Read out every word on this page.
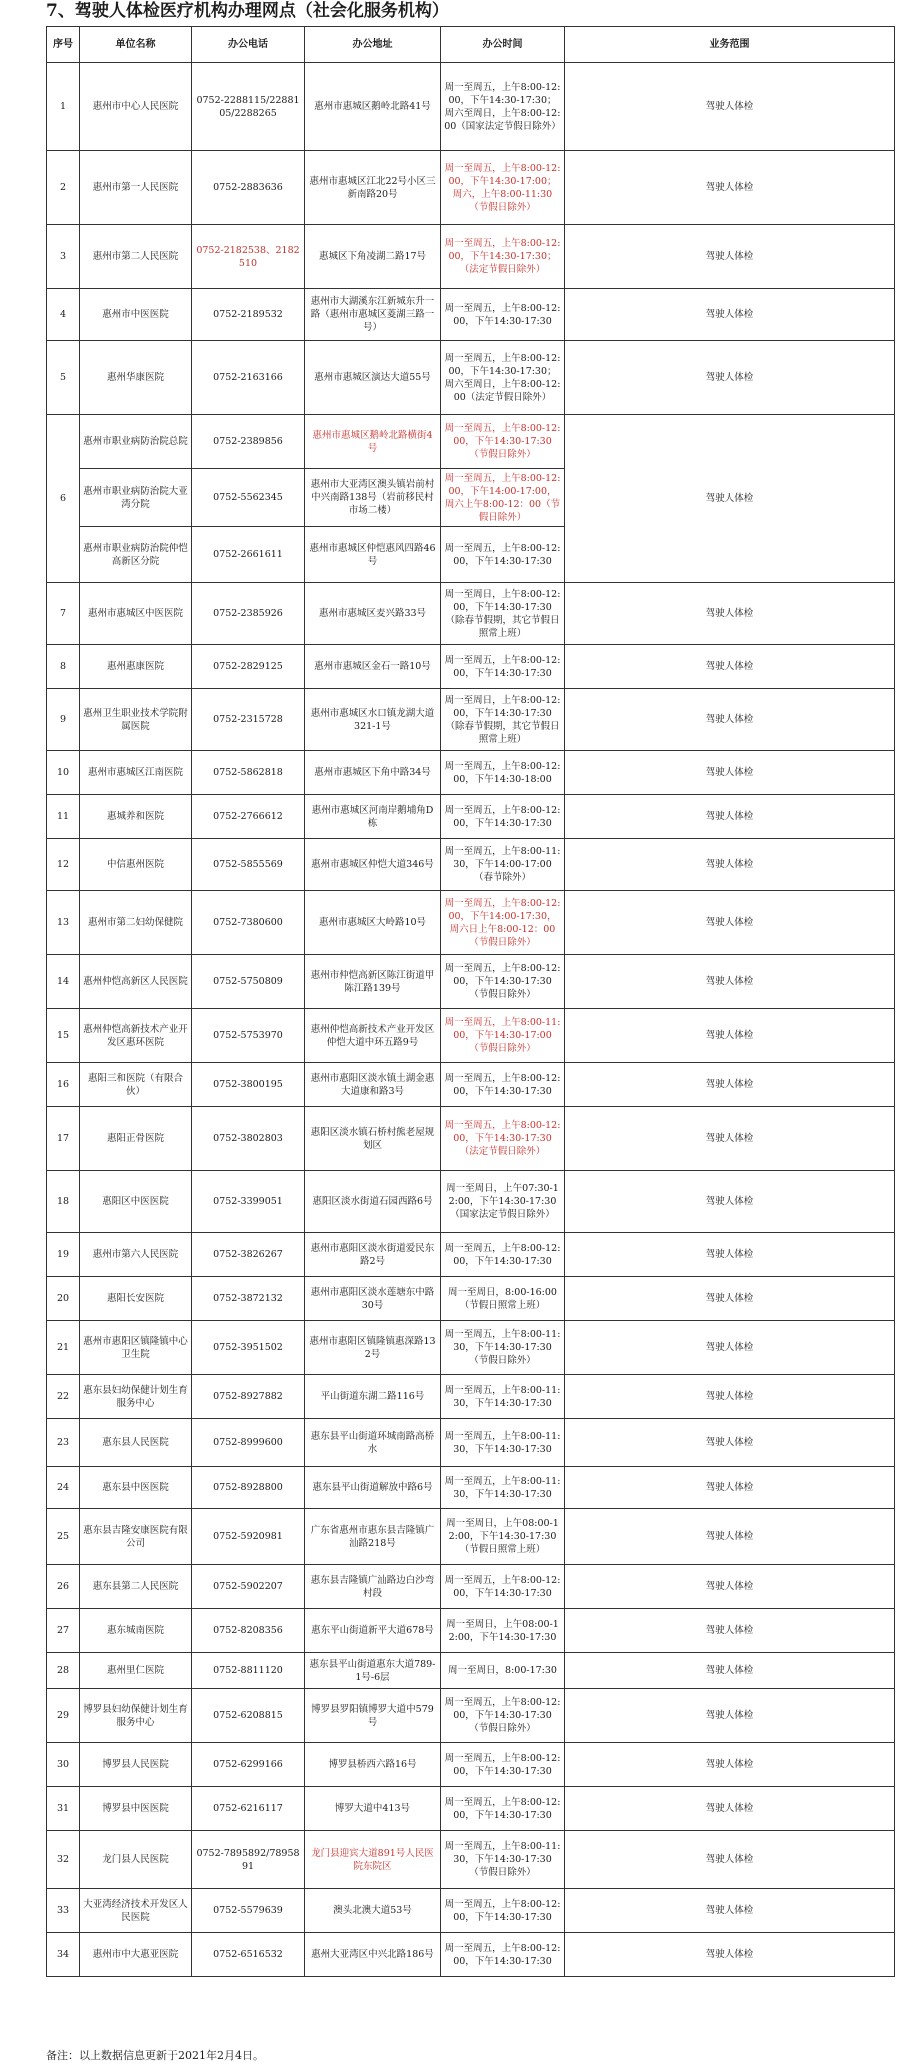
7、驾驶人体检医疗机构办理网点（社会化服务机构）
序号	单位名称	办公电话	办公地址	办公时间	业务范围
1	惠州市中心人民医院	0752-2288115/2288105/2288265	惠州市惠城区鹅岭北路41号	周一至周五，上午8:00-12:00，下午14:30-17:30；周六至周日，上午8:00-12:00（国家法定节假日除外）	驾驶人体检
2	惠州市第一人民医院	0752-2883636	惠州市惠城区江北22号小区三新南路20号	周一至周五，上午8:00-12:00，下午14:30-17:00；周六，上午8:00-11:30（节假日除外）	驾驶人体检
3	惠州市第二人民医院	0752-2182538、2182510	惠城区下角凌湖二路17号	周一至周五，上午8:00-12:00，下午14:30-17:30；（法定节假日除外）	驾驶人体检
4	惠州市中医医院	0752-2189532	惠州市大湖溪东江新城东升一路（惠州市惠城区菱湖三路一号）	周一至周五，上午8:00-12:00，下午14:30-17:30	驾驶人体检
5	惠州华康医院	0752-2163166	惠州市惠城区演达大道55号	周一至周五，上午8:00-12:00，下午14:30-17:30；周六至周日，上午8:00-12:00（法定节假日除外）	驾驶人体检
6	惠州市职业病防治院总院	0752-2389856	惠州市惠城区鹅岭北路横街4号	周一至周五，上午8:00-12:00，下午14:30-17:30（节假日除外）	驾驶人体检
	惠州市职业病防治院大亚湾分院	0752-5562345	惠州市大亚湾区澳头镇岩前村中兴南路138号（岩前移民村市场二楼）	周一至周五，上午8:00-12:00，下午14:00-17:00，周六上午8:00-12：00（节假日除外）	
	惠州市职业病防治院仲恺高新区分院	0752-2661611	惠州市惠城区仲恺惠风四路46号	周一至周五，上午8:00-12:00，下午14:30-17:30	
7	惠州市惠城区中医医院	0752-2385926	惠州市惠城区麦兴路33号	周一至周日，上午8:00-12:00，下午14:30-17:30（除春节假期，其它节假日照常上班）	驾驶人体检
8	惠州惠康医院	0752-2829125	惠州市惠城区金石一路10号	周一至周五，上午8:00-12:00，下午14:30-17:30	驾驶人体检
9	惠州卫生职业技术学院附属医院	0752-2315728	惠州市惠城区水口镇龙湖大道321-1号	周一至周日，上午8:00-12:00，下午14:30-17:30（除春节假期，其它节假日照常上班）	驾驶人体检
10	惠州市惠城区江南医院	0752-5862818	惠州市惠城区下角中路34号	周一至周五，上午8:00-12:00，下午14:30-18:00	驾驶人体检
11	惠城养和医院	0752-2766612	惠州市惠城区河南岸鹅埔角D栋	周一至周五，上午8:00-12:00，下午14:30-17:30	驾驶人体检
12	中信惠州医院	0752-5855569	惠州市惠城区仲恺大道346号	周一至周五，上午8:00-11:30，下午14:00-17:00（春节除外）	驾驶人体检
13	惠州市第二妇幼保健院	0752-7380600	惠州市惠城区大岭路10号	周一至周五，上午8:00-12:00，下午14:00-17:30，周六日上午8:00-12：00（节假日除外）	驾驶人体检
14	惠州仲恺高新区人民医院	0752-5750809	惠州市仲恺高新区陈江街道甲陈江路139号	周一至周五，上午8:00-12:00，下午14:30-17:30（节假日除外）	驾驶人体检
15	惠州仲恺高新技术产业开发区惠环医院	0752-5753970	惠州仲恺高新技术产业开发区仲恺大道中环五路9号	周一至周五，上午8:00-11:00，下午14:30-17:00（节假日除外）	驾驶人体检
16	惠阳三和医院（有限合伙）	0752-3800195	惠州市惠阳区淡水镇土湖金惠大道康和路3号	周一至周五，上午8:00-12:00，下午14:30-17:30	驾驶人体检
17	惠阳正骨医院	0752-3802803	惠阳区淡水镇石桥村熊老屋规划区	周一至周五，上午8:00-12:00，下午14:30-17:30（法定节假日除外）	驾驶人体检
18	惠阳区中医医院	0752-3399051	惠阳区淡水街道石园西路6号	周一至周日，上午07:30-12:00，下午14:30-17:30（国家法定节假日除外）	驾驶人体检
19	惠州市第六人民医院	0752-3826267	惠州市惠阳区淡水街道爱民东路2号	周一至周五，上午8:00-12:00，下午14:30-17:30	驾驶人体检
20	惠阳长安医院	0752-3872132	惠州市惠阳区淡水莲塘东中路30号	周一至周日，8:00-16:00（节假日照常上班）	驾驶人体检
21	惠州市惠阳区镇隆镇中心卫生院	0752-3951502	惠州市惠阳区镇隆镇惠深路132号	周一至周五，上午8:00-11:30，下午14:30-17:30（节假日除外）	驾驶人体检
22	惠东县妇幼保健计划生育服务中心	0752-8927882	平山街道东湖二路116号	周一至周五，上午8:00-11:30，下午14:30-17:30	驾驶人体检
23	惠东县人民医院	0752-8999600	惠东县平山街道环城南路高桥水	周一至周五，上午8:00-11:30，下午14:30-17:30	驾驶人体检
24	惠东县中医医院	0752-8928800	惠东县平山街道解放中路6号	周一至周五，上午8:00-11:30，下午14:30-17:30	驾驶人体检
25	惠东县吉隆安康医院有限公司	0752-5920981	广东省惠州市惠东县吉隆镇广汕路218号	周一至周日，上午08:00-12:00，下午14:30-17:30（节假日照常上班）	驾驶人体检
26	惠东县第二人民医院	0752-5902207	惠东县吉隆镇广汕路边白沙弯村段	周一至周五，上午8:00-12:00，下午14:30-17:30	驾驶人体检
27	惠东城南医院	0752-8208356	惠东平山街道新平大道678号	周一至周日，上午08:00-12:00，下午14:30-17:30	驾驶人体检
28	惠州里仁医院	0752-8811120	惠东县平山街道惠东大道789-1号-6层	周一至周日，8:00-17:30	驾驶人体检
29	博罗县妇幼保健计划生育服务中心	0752-6208815	博罗县罗阳镇博罗大道中579号	周一至周五，上午8:00-12:00，下午14:30-17:30（节假日除外）	驾驶人体检
30	博罗县人民医院	0752-6299166	博罗县桥西六路16号	周一至周五，上午8:00-12:00，下午14:30-17:30	驾驶人体检
31	博罗县中医医院	0752-6216117	博罗大道中413号	周一至周五，上午8:00-12:00，下午14:30-17:30	驾驶人体检
32	龙门县人民医院	0752-7895892/7895891	龙门县迎宾大道891号人民医院东院区	周一至周五，上午8:00-11:30，下午14:30-17:30（节假日除外）	驾驶人体检
33	大亚湾经济技术开发区人民医院	0752-5579639	澳头北澳大道53号	周一至周五，上午8:00-12:00，下午14:30-17:30	驾驶人体检
34	惠州市中大惠亚医院	0752-6516532	惠州大亚湾区中兴北路186号	周一至周五，上午8:00-12:00，下午14:30-17:30	驾驶人体检
备注：以上数据信息更新于2021年2月4日。
